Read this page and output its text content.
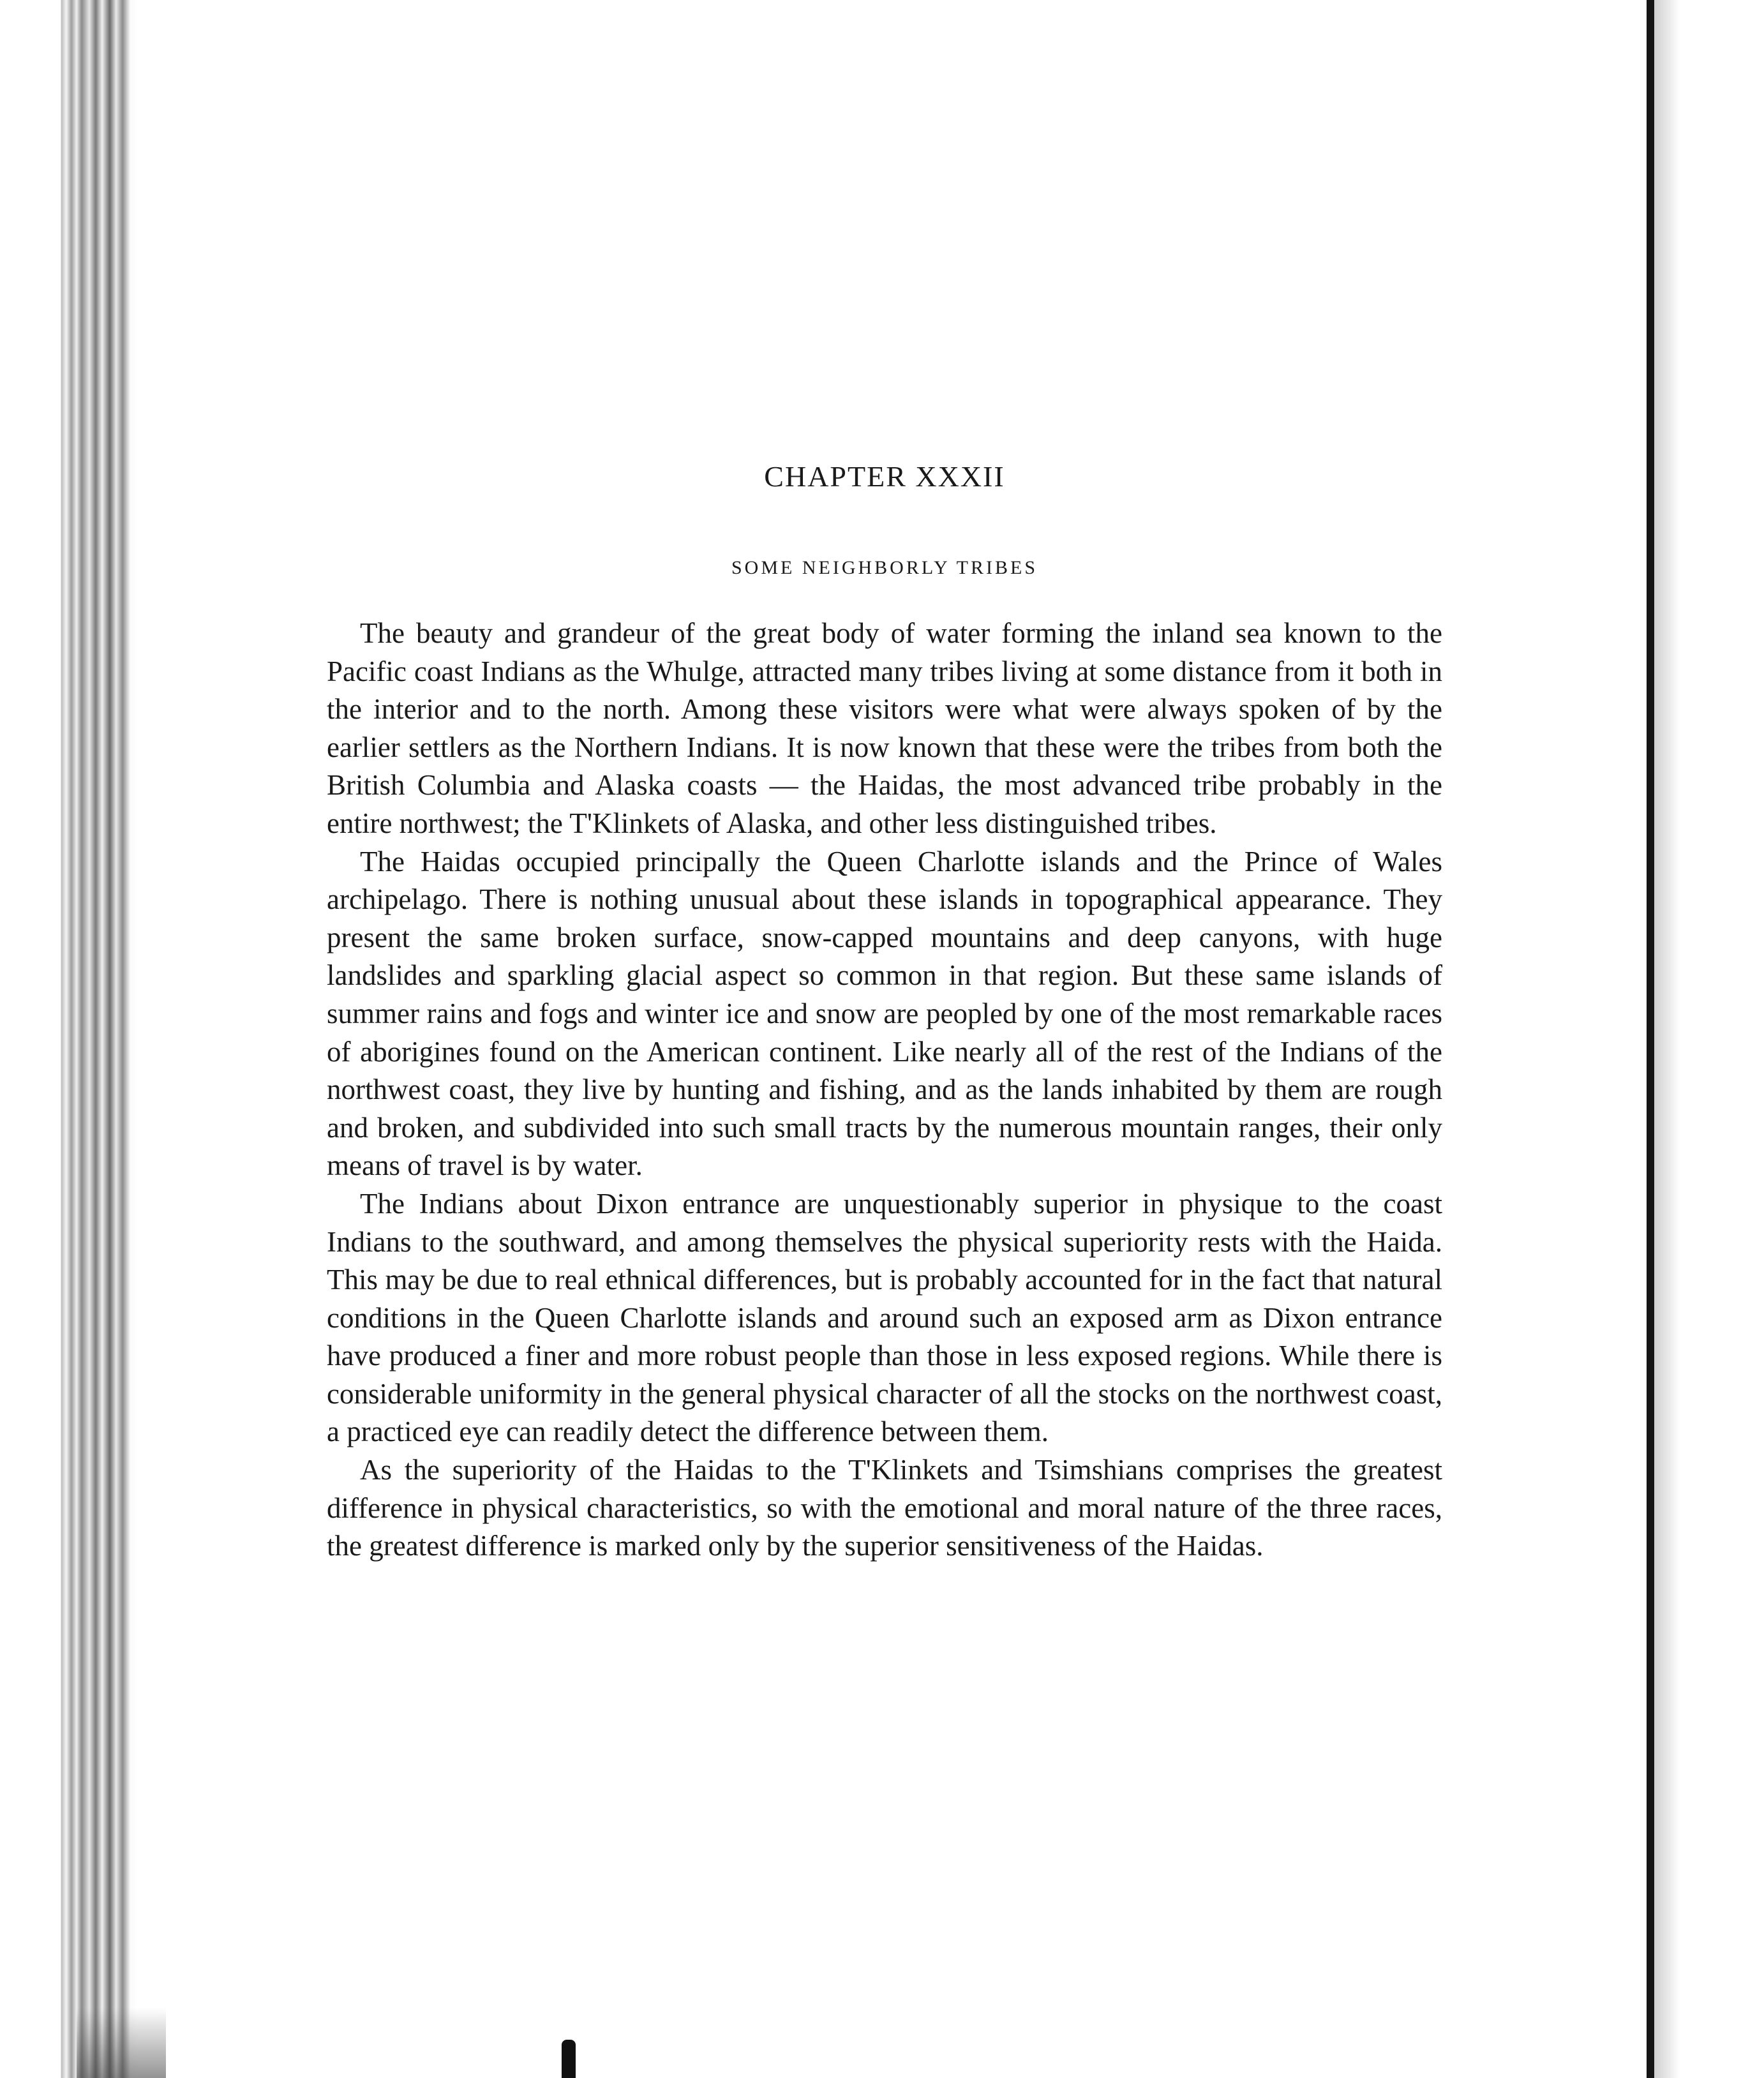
CHAPTER XXXII
SOME NEIGHBORLY TRIBES

The beauty and grandeur of the great body of water forming the inland sea known to the Pacific coast Indians as the Whulge, attracted many tribes living at some distance from it both in the interior and to the north. Among these visitors were what were always spoken of by the earlier settlers as the Northern Indians. It is now known that these were the tribes from both the British Columbia and Alaska coasts — the Haidas, the most advanced tribe probably in the entire northwest; the T'Klinkets of Alaska, and other less distinguished tribes.

The Haidas occupied principally the Queen Charlotte islands and the Prince of Wales archipelago. There is nothing unusual about these islands in topographical appearance. They present the same broken surface, snow-capped mountains and deep canyons, with huge landslides and sparkling glacial aspect so common in that region. But these same islands of summer rains and fogs and winter ice and snow are peopled by one of the most remarkable races of aborigines found on the American continent. Like nearly all of the rest of the Indians of the northwest coast, they live by hunting and fishing, and as the lands inhabited by them are rough and broken, and subdivided into such small tracts by the numerous mountain ranges, their only means of travel is by water.

The Indians about Dixon entrance are unquestionably superior in physique to the coast Indians to the southward, and among themselves the physical superiority rests with the Haida. This may be due to real ethnical differences, but is probably accounted for in the fact that natural conditions in the Queen Charlotte islands and around such an exposed arm as Dixon entrance have produced a finer and more robust people than those in less exposed regions. While there is considerable uniformity in the general physical character of all the stocks on the northwest coast, a practiced eye can readily detect the difference between them.

As the superiority of the Haidas to the T'Klinkets and Tsimshians comprises the greatest difference in physical characteristics, so with the emotional and moral nature of the three races, the greatest difference is marked only by the superior sensitiveness of the Haidas.
